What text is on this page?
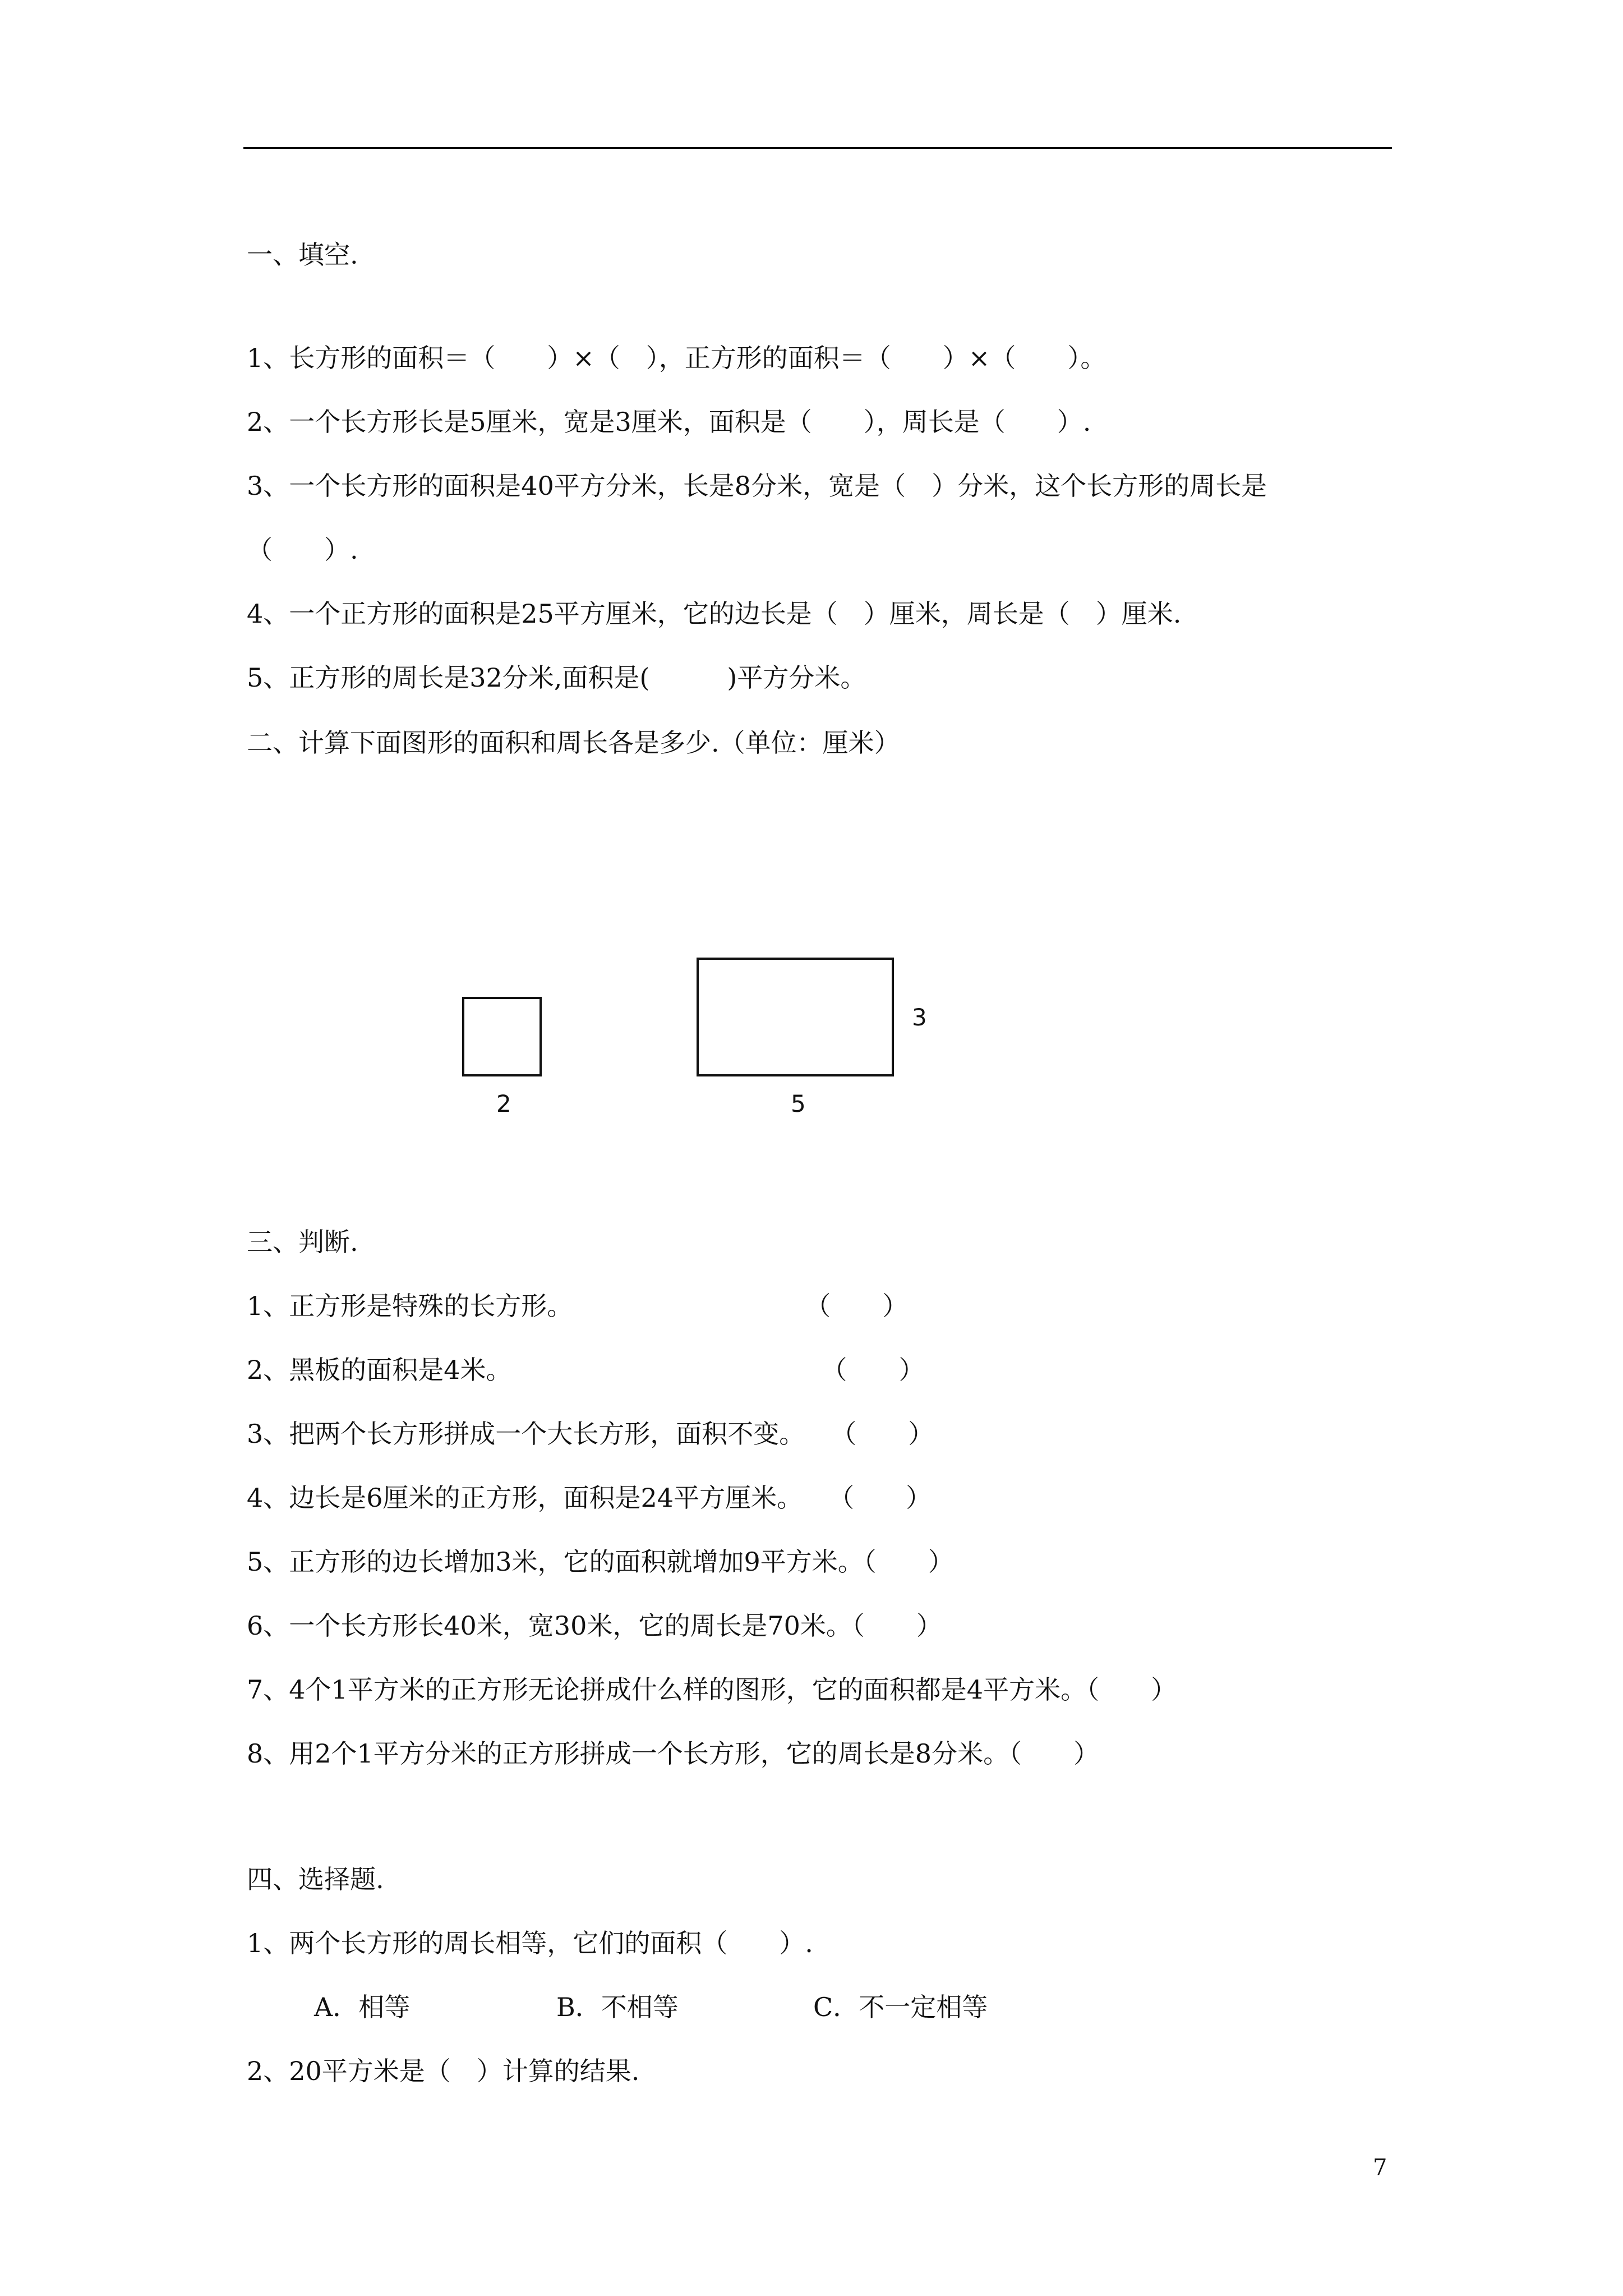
一、填空.

1、长方形的面积＝（　　）×（　），正方形的面积＝（　　）×（　　）。

2、一个长方形长是5厘米，宽是3厘米，面积是（　　），周长是（　　）.

3、一个长方形的面积是40平方分米，长是8分米，宽是（　）分米，这个长方形的周长是

（　　）.

4、一个正方形的面积是25平方厘米，它的边长是（　）厘米，周长是（　）厘米.

5、正方形的周长是32分米,面积是(　　　)平方分米。

二、计算下面图形的面积和周长各是多少.（单位：厘米）

2	5
3

三、判断.

1、正方形是特殊的长方形。　　　　　　　　　　（　　）

2、黑板的面积是4米。　　　　　　　　　　　　　（　　）

3、把两个长方形拼成一个大长方形，面积不变。　　（　　）

4、边长是6厘米的正方形，面积是24平方厘米。　　（　　）

5、正方形的边长增加3米，它的面积就增加9平方米。（　　）

6、一个长方形长40米，宽30米，它的周长是70米。（　　）

7、4个1平方米的正方形无论拼成什么样的图形，它的面积都是4平方米。（　　）

8、用2个1平方分米的正方形拼成一个长方形，它的周长是8分米。（　　）

四、选择题.

1、两个长方形的周长相等，它们的面积（　　）.

A．相等	B．不相等	C．不一定相等

2、20平方米是（　）计算的结果.

7
